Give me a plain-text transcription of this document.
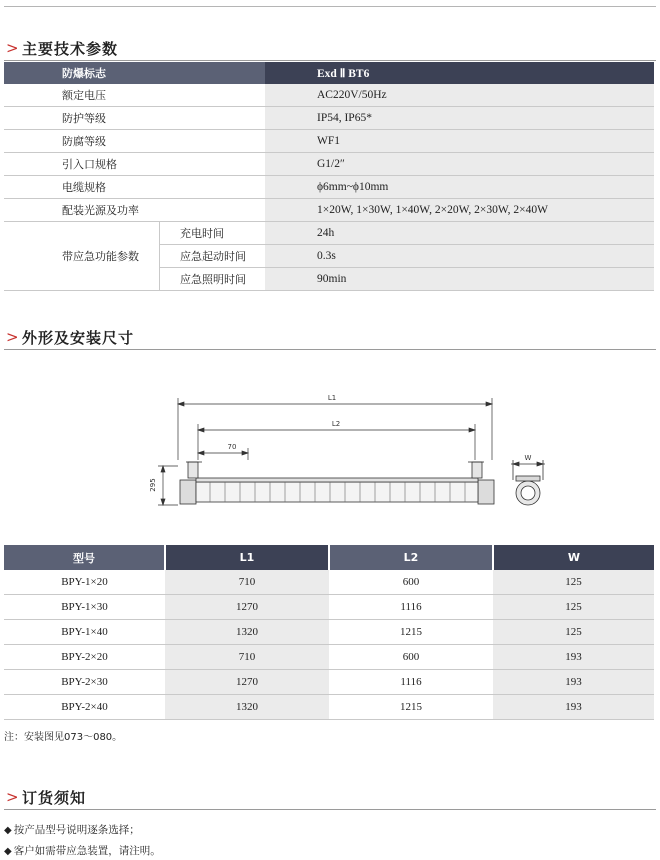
> 主要技术参数
防爆标志		Exd Ⅱ BT6
额定电压		AC220V/50Hz
防护等级		IP54, IP65*
防腐等级		WF1
引入口规格		G1/2″
电缆规格		ϕ6mm~ϕ10mm
配装光源及功率		1×20W, 1×30W, 1×40W, 2×20W, 2×30W, 2×40W
带应急功能参数	充电时间	24h
	应急起动时间	0.3s
	应急照明时间	90min
> 外形及安装尺寸
L1
L2
70
295
W
型号	L1	L2	W
BPY-1×20	710	600	125
BPY-1×30	1270	1116	125
BPY-1×40	1320	1215	125
BPY-2×20	710	600	193
BPY-2×30	1270	1116	193
BPY-2×40	1320	1215	193
注：安装图见073～080。
> 订货须知
◆ 按产品型号说明逐条选择；
◆ 客户如需带应急装置，请注明。
